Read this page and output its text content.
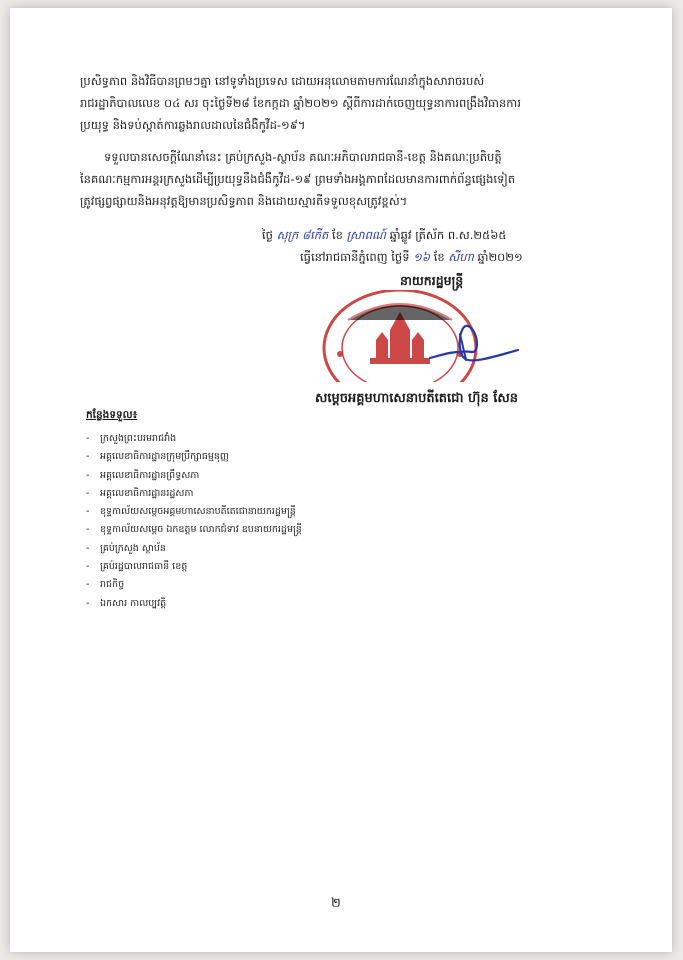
ប្រសិទ្ធភាព និងវិធីបានព្រមៗគ្នា នៅទូទាំងប្រទេស ដោយអនុលោមតាមការណែនាំក្នុងសារាចរបស់
រាជរដ្ឋាភិបាលលេខ ០៤ សរ ចុះថ្ងៃទី២៨ ខែកក្កដា ឆ្នាំ២០២១ ស្តីពីការដាក់ចេញយុទ្ធនាការពង្រឹងវិធានការ
ប្រយុទ្ធ និងទប់ស្កាត់ការឆ្លងរាលដាលនៃជំងឺកូវីដ-១៩។
ទទួលបានសេចក្តីណែនាំនេះ គ្រប់ក្រសួង-ស្ថាប័ន គណៈអភិបាលរាជធានី-ខេត្ត និងគណៈប្រតិបត្តិ
នៃគណៈកម្មការអន្តរក្រសួងដើម្បីប្រយុទ្ធនឹងជំងឺកូវីដ-១៩ ព្រមទាំងអង្គភាពដែលមានការពាក់ព័ន្ធផ្សេងទៀត
ត្រូវផ្សព្វផ្សាយនិងអនុវត្តឱ្យមានប្រសិទ្ធភាព និងដោយស្មារតីទទួលខុសត្រូវខ្ពស់។
ថ្ងៃ សុក្រ ៨កើត ខែ ស្រាពណ៍ ឆ្នាំឆ្លូវ ត្រីស័ក ព.ស.២៥៦៥
ធ្វើនៅរាជធានីភ្នំពេញ ថ្ងៃទី ១៦ ខែ សីហា ឆ្នាំ២០២១
នាយករដ្ឋមន្ត្រី
សម្តេចអគ្គមហាសេនាបតីតេជោ ហ៊ុន សែន
កន្លែងទទួល៖
- ក្រសួងព្រះបរមរាជវាំង
- អគ្គលេខាធិការដ្ឋានក្រុមប្រឹក្សាធម្មនុញ្ញ
- អគ្គលេខាធិការដ្ឋានព្រឹទ្ធសភា
- អគ្គលេខាធិការដ្ឋានរដ្ឋសភា
- ខុទ្ទកាល័យសម្តេចអគ្គមហាសេនាបតីតេជោនាយករដ្ឋមន្ត្រី
- ខុទ្ទកាល័យសម្តេច ឯកឧត្តម លោកជំទាវ ឧបនាយករដ្ឋមន្ត្រី
- គ្រប់ក្រសួង ស្ថាប័ន
- គ្រប់រដ្ឋបាលរាជធានី ខេត្ត
- រាជកិច្ច
- ឯកសារ កាលប្បវត្តិ
២
